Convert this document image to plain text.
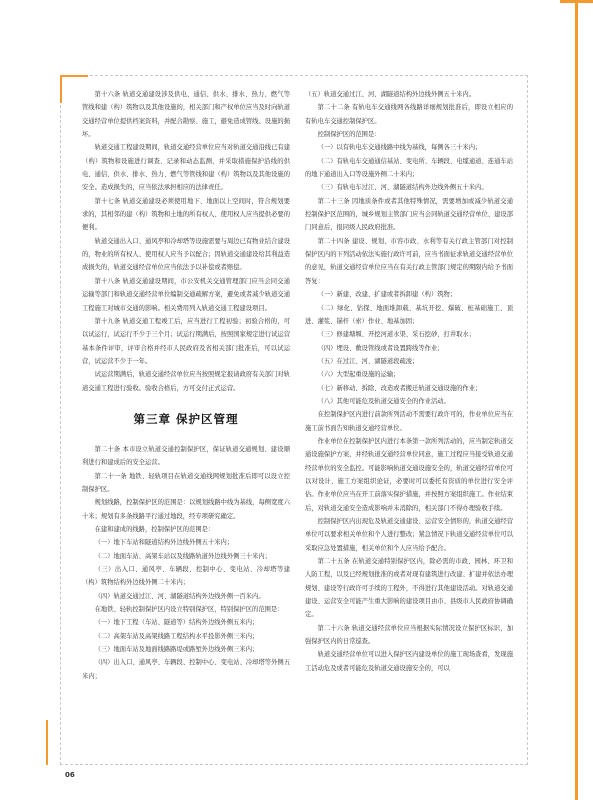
第十六条 轨道交通建设涉及供电、通信、供水、排水、热力、燃气等管线和建（构）筑物以及其他设施的，相关部门和产权单位应当及时向轨道交通经营单位提供档案资料，并配合勘察、施工，避免造成管线、设施的损坏。

轨道交通工程建设期间，轨道交通经营单位应当对轨道交通沿线已有建（构）筑物和设施进行调查、记录和动态监测，并采取措施保护沿线的供电、通信、供水、排水、热力、燃气等管线和建（构）筑物以及其他设施的安全。造成损失的，应当依法承担相应的法律责任。

第十七条 轨道交通建设必须使用地下、地面以上空间时，符合规划要求的，其相邻的建（构）筑物和土地的所有权人、使用权人应当提供必要的便利。

轨道交通出入口、通风亭和冷却塔等设施需要与周边已有物业结合建设的，物业的所有权人、使用权人应当予以配合；因轨道交通建设给其利益造成损失的，轨道交通经营单位应当依法予以补偿或者赔偿。

第十八条 轨道交通建设期间，市公安机关交通管理部门应当会同交通运输等部门和轨道交通经营单位编制交通疏解方案，避免或者减少轨道交通工程施工对城市交通的影响。相关费用列入轨道交通工程建设项目。

第十九条 轨道交通工程竣工后，应当进行工程初验；初验合格的，可以试运行，试运行不少于三个月；试运行期满后，按照国家规定进行试运营基本条件评审，评审合格并经市人民政府及省相关部门批准后，可以试运营，试运营不少于一年。

试运营期满后，轨道交通经营单位应当按照规定报请政府有关部门对轨道交通工程进行验收。验收合格后，方可交付正式运营。

第三章 保护区管理

第二十条 本市设立轨道交通控制保护区，保证轨道交通规划、建设顺利进行和建成后的安全运营。

第二十一条 地铁、轻轨项目在轨道交通线网规划批准后即可以设立控制保护区。

规划线路，控制保护区的范围是：以规划线路中线为基线，每侧宽度六十米；规划有多条线路平行通过地段，经专项研究确定。

在建和建成的线路，控制保护区的范围是：

（一）地下车站和隧道结构外边线外侧五十米内；

（二）地面车站、高架车站以及线路轨道外边线外侧三十米内；

（三）出入口、通风亭、车辆段、控制中心、变电站、冷却塔等建（构）筑物结构外边线外侧二十米内；

（四）轨道交通过江、河、湖隧道结构外边线外侧一百米内。

在地铁、轻轨控制保护区内设立特别保护区，特别保护区的范围是：

（一）地下工程（车站、隧道等）结构外边线外侧五米内；

（二）高架车站及高架线路工程结构水平投影外侧三米内；

（三）地面车站及地面线路路堤或路堑外边线外侧三米内；

（四）出入口、通风亭、车辆段、控制中心、变电站、冷却塔等外侧五米内；

（五）轨道交通过江、河、湖隧道结构外边线外侧五十米内。

第二十二条 有轨电车交通线网各线路详细规划批准后，即设立相应的有轨电车交通控制保护区。

控制保护区的范围是：

（一）以有轨电车交通线路中线为基线，每侧各三十米内；

（二）有轨电车交通通信基站、变电所、车辆段、电缆通道、连通车站的地下通道出入口等设施外侧二十米内；

（三）有轨电车过江、河、湖隧道结构外边线外侧五十米内。

第二十三条 因地质条件或者其他特殊情况，需要增加或减少轨道交通控制保护区范围的，城乡规划主管部门应当会同轨道交通经营单位、建设部门同意后，报同级人民政府批准。

第二十四条 建设、规划、市容市政、水利等有关行政主管部门对控制保护区内的下列活动依法实施行政许可前，应当书面征求轨道交通经营单位的意见，轨道交通经营单位应当在有关行政主管部门规定的期限内给予书面答复：

（一）新建、改建、扩建或者拆卸建（构）筑物；

（二）绿化、钻探、地面堆卸载、基坑开挖、爆破、桩基础施工、顶进、灌浆、锚杆（索）作业、地基加固；

（三）修建塘堰、开挖河道水渠、采石挖砂、打井取水；

（四）埋设、敷设管线或者设置跨线等作业；

（五）在过江、河、湖隧道段疏浚；

（六）大型起重设施的运输；

（七）新移动、拆除、改造或者搬迁轨道交通设施的作业；

（八）其他可能危及轨道交通安全的作业活动。

在控制保护区内进行前款所列活动不需要行政许可的，作业单位应当在施工前书面告知轨道交通经营单位。

作业单位在控制保护区内进行本条第一款所列活动的，应当制定轨道交通设施保护方案，并经轨道交通经营单位同意，施工过程应当接受轨道交通经营单位的安全监控。可能影响轨道交通设施安全的，轨道交通经营单位可以对设计、施工方案组织论证，必要时可以委托有资质的单位进行安全评估。作业单位应当在开工前落实保护措施，并按照方案组织施工。作业结束后，对轨道交通安全造成影响并未消除的，相关部门不得办理验收手续。

控制保护区内出现危及轨道交通建设、运营安全情形的，轨道交通经营单位可以要求相关单位和个人进行整改；紧急情况下轨道交通经营单位可以采取应急处置措施，相关单位和个人应当给予配合。

第二十五条 在轨道交通特别保护区内，除必需的市政、园林、环卫和人防工程，以及已经规划批准的或者对现有建筑进行改建、扩建并依法办理规划、建设等行政许可手续的工程外，不得进行其他建设活动。对轨道交通建设、运营安全可能产生重大影响的建设项目由市、县级市人民政府协调确定。

第二十六条 轨道交通经营单位应当根据实际情况设立保护区标识，加强保护区内的日常巡查。

轨道交通经营单位可以进入保护区内建设单位的施工现场查看，发现施工活动危及或者可能危及轨道交通设施安全的，可以

06
